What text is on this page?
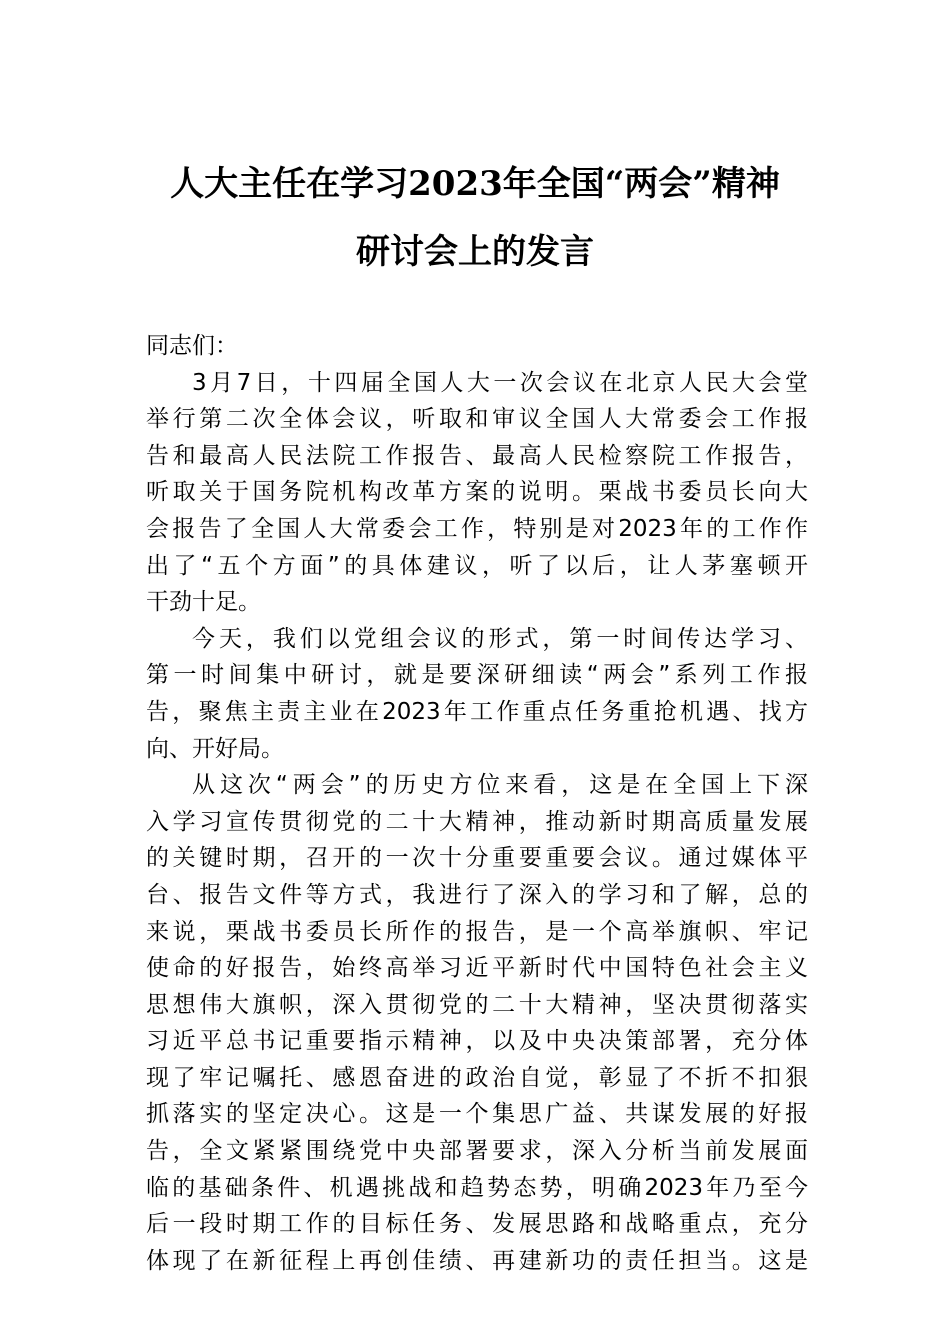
人大主任在学习2023年全国“两会”精神
研讨会上的发言

同志们：

3月7日，十四届全国人大一次会议在北京人民大会堂
举行第二次全体会议，听取和审议全国人大常委会工作报
告和最高人民法院工作报告、最高人民检察院工作报告，
听取关于国务院机构改革方案的说明。栗战书委员长向大
会报告了全国人大常委会工作，特别是对2023年的工作作
出了“五个方面”的具体建议，听了以后，让人茅塞顿开
干劲十足。

今天，我们以党组会议的形式，第一时间传达学习、
第一时间集中研讨，就是要深研细读“两会”系列工作报
告，聚焦主责主业在2023年工作重点任务重抢机遇、找方
向、开好局。

从这次“两会”的历史方位来看，这是在全国上下深
入学习宣传贯彻党的二十大精神，推动新时期高质量发展
的关键时期，召开的一次十分重要重要会议。通过媒体平
台、报告文件等方式，我进行了深入的学习和了解，总的
来说，栗战书委员长所作的报告，是一个高举旗帜、牢记
使命的好报告，始终高举习近平新时代中国特色社会主义
思想伟大旗帜，深入贯彻党的二十大精神，坚决贯彻落实
习近平总书记重要指示精神，以及中央决策部署，充分体
现了牢记嘱托、感恩奋进的政治自觉，彰显了不折不扣狠
抓落实的坚定决心。这是一个集思广益、共谋发展的好报
告，全文紧紧围绕党中央部署要求，深入分析当前发展面
临的基础条件、机遇挑战和趋势态势，明确2023年乃至今
后一段时期工作的目标任务、发展思路和战略重点，充分
体现了在新征程上再创佳绩、再建新功的责任担当。这是
